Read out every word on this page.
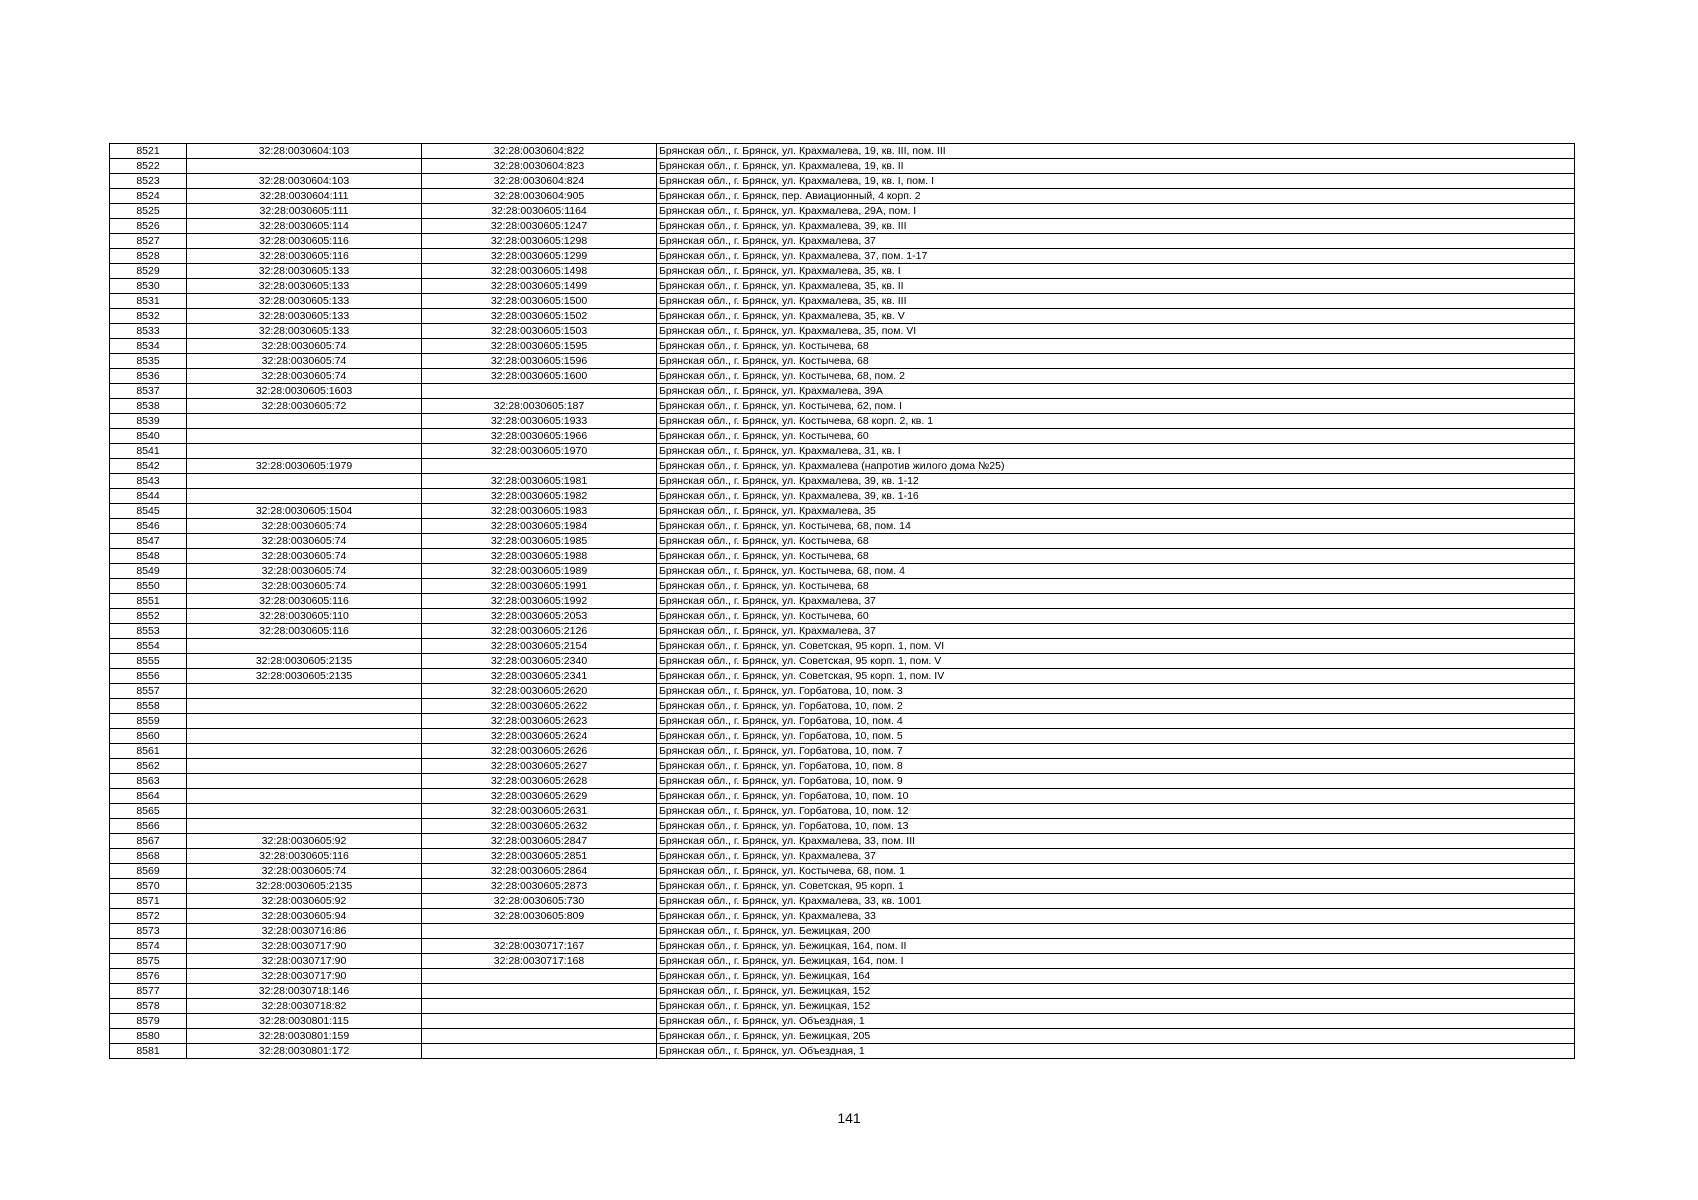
8521	32:28:0030604:103	32:28:0030604:822	Брянская обл., г. Брянск, ул. Крахмалева, 19, кв. III, пом. III
8522		32:28:0030604:823	Брянская обл., г. Брянск, ул. Крахмалева, 19, кв. II
8523	32:28:0030604:103	32:28:0030604:824	Брянская обл., г. Брянск, ул. Крахмалева, 19, кв. I, пом. I
8524	32:28:0030604:111	32:28:0030604:905	Брянская обл., г. Брянск, пер. Авиационный, 4 корп. 2
8525	32:28:0030605:111	32:28:0030605:1164	Брянская обл., г. Брянск, ул. Крахмалева, 29А, пом. I
8526	32:28:0030605:114	32:28:0030605:1247	Брянская обл., г. Брянск, ул. Крахмалева, 39, кв. III
8527	32:28:0030605:116	32:28:0030605:1298	Брянская обл., г. Брянск, ул. Крахмалева, 37
8528	32:28:0030605:116	32:28:0030605:1299	Брянская обл., г. Брянск, ул. Крахмалева, 37, пом. 1-17
8529	32:28:0030605:133	32:28:0030605:1498	Брянская обл., г. Брянск, ул. Крахмалева, 35, кв. I
8530	32:28:0030605:133	32:28:0030605:1499	Брянская обл., г. Брянск, ул. Крахмалева, 35, кв. II
8531	32:28:0030605:133	32:28:0030605:1500	Брянская обл., г. Брянск, ул. Крахмалева, 35, кв. III
8532	32:28:0030605:133	32:28:0030605:1502	Брянская обл., г. Брянск, ул. Крахмалева, 35, кв. V
8533	32:28:0030605:133	32:28:0030605:1503	Брянская обл., г. Брянск, ул. Крахмалева, 35, пом. VI
8534	32:28:0030605:74	32:28:0030605:1595	Брянская обл., г. Брянск, ул. Костычева, 68
8535	32:28:0030605:74	32:28:0030605:1596	Брянская обл., г. Брянск, ул. Костычева, 68
8536	32:28:0030605:74	32:28:0030605:1600	Брянская обл., г. Брянск, ул. Костычева, 68, пом. 2
8537	32:28:0030605:1603		Брянская обл., г. Брянск, ул. Крахмалева, 39А
8538	32:28:0030605:72	32:28:0030605:187	Брянская обл., г. Брянск, ул. Костычева, 62, пом. I
8539		32:28:0030605:1933	Брянская обл., г. Брянск, ул. Костычева, 68 корп. 2, кв. 1
8540		32:28:0030605:1966	Брянская обл., г. Брянск, ул. Костычева, 60
8541		32:28:0030605:1970	Брянская обл., г. Брянск, ул. Крахмалева, 31, кв. I
8542	32:28:0030605:1979		Брянская обл., г. Брянск, ул. Крахмалева (напротив жилого дома №25)
8543		32:28:0030605:1981	Брянская обл., г. Брянск, ул. Крахмалева, 39, кв. 1-12
8544		32:28:0030605:1982	Брянская обл., г. Брянск, ул. Крахмалева, 39, кв. 1-16
8545	32:28:0030605:1504	32:28:0030605:1983	Брянская обл., г. Брянск, ул. Крахмалева, 35
8546	32:28:0030605:74	32:28:0030605:1984	Брянская обл., г. Брянск, ул. Костычева, 68, пом. 14
8547	32:28:0030605:74	32:28:0030605:1985	Брянская обл., г. Брянск, ул. Костычева, 68
8548	32:28:0030605:74	32:28:0030605:1988	Брянская обл., г. Брянск, ул. Костычева, 68
8549	32:28:0030605:74	32:28:0030605:1989	Брянская обл., г. Брянск, ул. Костычева, 68, пом. 4
8550	32:28:0030605:74	32:28:0030605:1991	Брянская обл., г. Брянск, ул. Костычева, 68
8551	32:28:0030605:116	32:28:0030605:1992	Брянская обл., г. Брянск, ул. Крахмалева, 37
8552	32:28:0030605:110	32:28:0030605:2053	Брянская обл., г. Брянск, ул. Костычева, 60
8553	32:28:0030605:116	32:28:0030605:2126	Брянская обл., г. Брянск, ул. Крахмалева, 37
8554		32:28:0030605:2154	Брянская обл., г. Брянск, ул. Советская, 95 корп. 1, пом. VI
8555	32:28:0030605:2135	32:28:0030605:2340	Брянская обл., г. Брянск, ул. Советская, 95 корп. 1, пом. V
8556	32:28:0030605:2135	32:28:0030605:2341	Брянская обл., г. Брянск, ул. Советская, 95 корп. 1, пом. IV
8557		32:28:0030605:2620	Брянская обл., г. Брянск, ул. Горбатова, 10, пом. 3
8558		32:28:0030605:2622	Брянская обл., г. Брянск, ул. Горбатова, 10, пом. 2
8559		32:28:0030605:2623	Брянская обл., г. Брянск, ул. Горбатова, 10, пом. 4
8560		32:28:0030605:2624	Брянская обл., г. Брянск, ул. Горбатова, 10, пом. 5
8561		32:28:0030605:2626	Брянская обл., г. Брянск, ул. Горбатова, 10, пом. 7
8562		32:28:0030605:2627	Брянская обл., г. Брянск, ул. Горбатова, 10, пом. 8
8563		32:28:0030605:2628	Брянская обл., г. Брянск, ул. Горбатова, 10, пом. 9
8564		32:28:0030605:2629	Брянская обл., г. Брянск, ул. Горбатова, 10, пом. 10
8565		32:28:0030605:2631	Брянская обл., г. Брянск, ул. Горбатова, 10, пом. 12
8566		32:28:0030605:2632	Брянская обл., г. Брянск, ул. Горбатова, 10, пом. 13
8567	32:28:0030605:92	32:28:0030605:2847	Брянская обл., г. Брянск, ул. Крахмалева, 33, пом. III
8568	32:28:0030605:116	32:28:0030605:2851	Брянская обл., г. Брянск, ул. Крахмалева, 37
8569	32:28:0030605:74	32:28:0030605:2864	Брянская обл., г. Брянск, ул. Костычева, 68, пом. 1
8570	32:28:0030605:2135	32:28:0030605:2873	Брянская обл., г. Брянск, ул. Советская, 95 корп. 1
8571	32:28:0030605:92	32:28:0030605:730	Брянская обл., г. Брянск, ул. Крахмалева, 33, кв. 1001
8572	32:28:0030605:94	32:28:0030605:809	Брянская обл., г. Брянск, ул. Крахмалева, 33
8573	32:28:0030716:86		Брянская обл., г. Брянск, ул. Бежицкая, 200
8574	32:28:0030717:90	32:28:0030717:167	Брянская обл., г. Брянск, ул. Бежицкая, 164, пом. II
8575	32:28:0030717:90	32:28:0030717:168	Брянская обл., г. Брянск, ул. Бежицкая, 164, пом. I
8576	32:28:0030717:90		Брянская обл., г. Брянск, ул. Бежицкая, 164
8577	32:28:0030718:146		Брянская обл., г. Брянск, ул. Бежицкая, 152
8578	32:28:0030718:82		Брянская обл., г. Брянск, ул. Бежицкая, 152
8579	32:28:0030801:115		Брянская обл., г. Брянск, ул. Объездная, 1
8580	32:28:0030801:159		Брянская обл., г. Брянск, ул. Бежицкая, 205
8581	32:28:0030801:172		Брянская обл., г. Брянск, ул. Объездная, 1
141
